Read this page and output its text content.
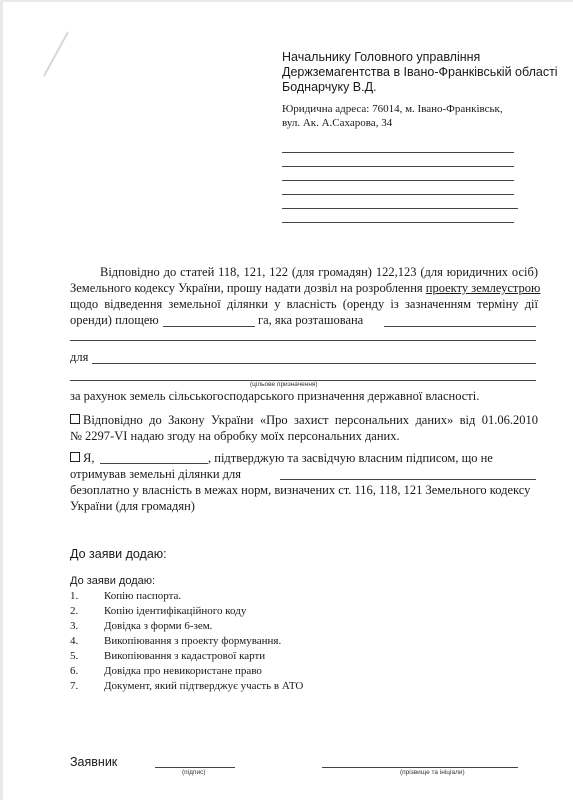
Начальнику Головного управління
Держземагентства в Івано-Франківській області
Боднарчуку В.Д.
Юридична адреса: 76014, м. Івано-Франківськ,
вул. Ак. А.Сахарова, 34
Відповідно до статей 118, 121, 122 (для громадян) 122,123 (для юридичних осіб)
Земельного кодексу України, прошу надати дозвіл на розроблення проекту землеустрою
щодо відведення земельної ділянки у власність (оренду із зазначенням терміну дії
оренди) площею	га, яка розташована
для
(цільове призначення)
за рахунок земель сільськогосподарського призначення державної власності.
Відповідно до Закону України «Про захист персональних даних» від 01.06.2010
№ 2297-VI надаю згоду на обробку моїх персональних даних.
Я,	, підтверджую та засвідчую власним підписом, що не
отримував земельні ділянки для
безоплатно у власність в межах норм, визначених ст. 116, 118, 121 Земельного кодексу
України (для громадян)
До заяви додаю:
До заяви додаю:
1. Копію паспорта.
2. Копію ідентифікаційного коду
3. Довідка з форми 6-зем.
4. Викопіювання з проекту формування.
5. Викопіювання з кадастрової карти
6. Довідка про невикористане право
7. Документ, який підтверджує участь в АТО
Заявник
(підпис)	(прізвище та ініціали)
